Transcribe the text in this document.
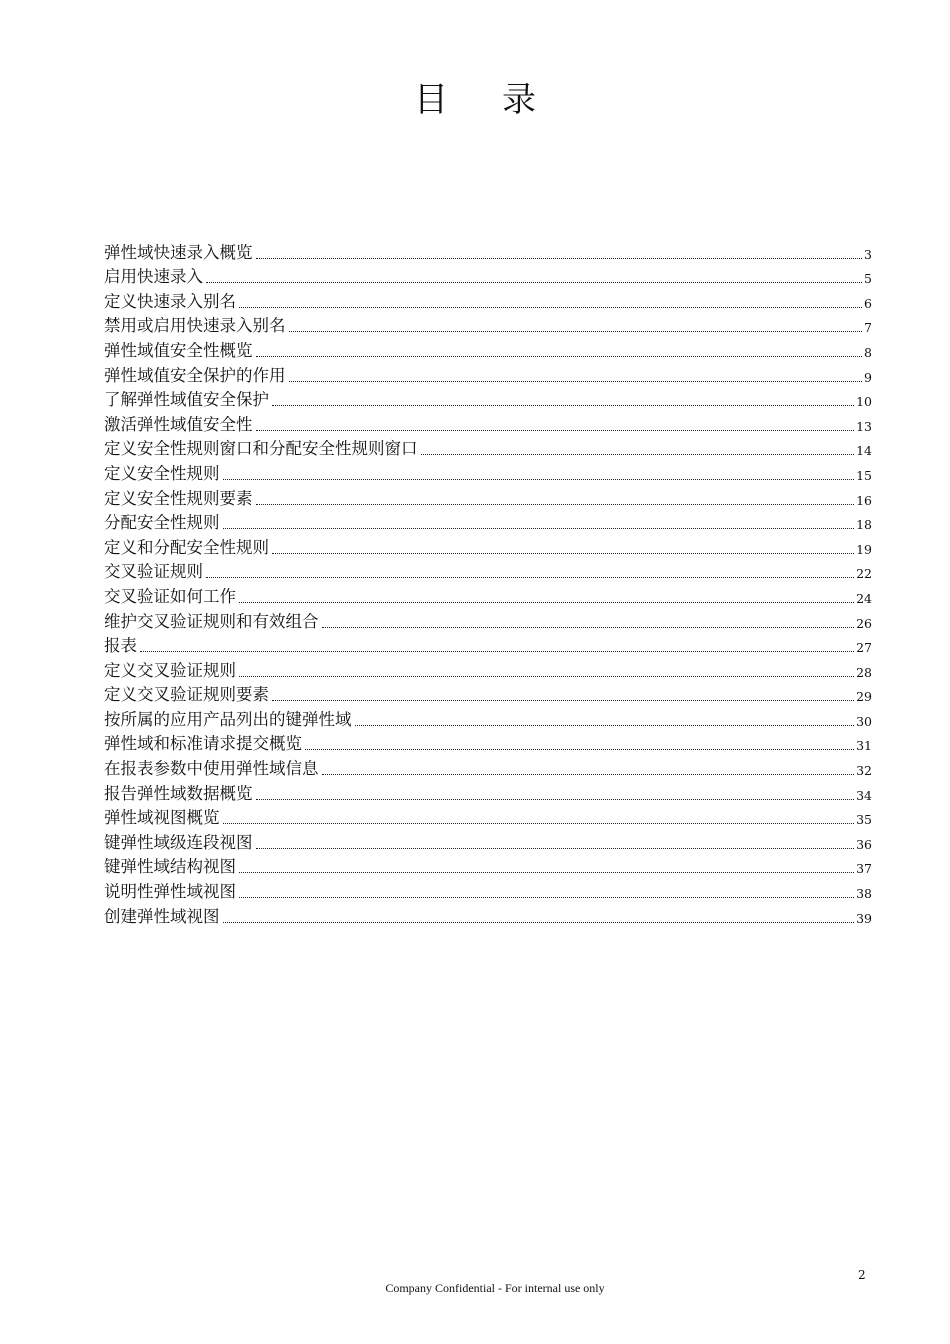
目 录
弹性域快速录入概览	3
启用快速录入	5
定义快速录入别名	6
禁用或启用快速录入别名	7
弹性域值安全性概览	8
弹性域值安全保护的作用	9
了解弹性域值安全保护	10
激活弹性域值安全性	13
定义安全性规则窗口和分配安全性规则窗口	14
定义安全性规则	15
定义安全性规则要素	16
分配安全性规则	18
定义和分配安全性规则	19
交叉验证规则	22
交叉验证如何工作	24
维护交叉验证规则和有效组合	26
报表	27
定义交叉验证规则	28
定义交叉验证规则要素	29
按所属的应用产品列出的键弹性域	30
弹性域和标准请求提交概览	31
在报表参数中使用弹性域信息	32
报告弹性域数据概览	34
弹性域视图概览	35
键弹性域级连段视图	36
键弹性域结构视图	37
说明性弹性域视图	38
创建弹性域视图	39
2
Company Confidential - For internal use only
